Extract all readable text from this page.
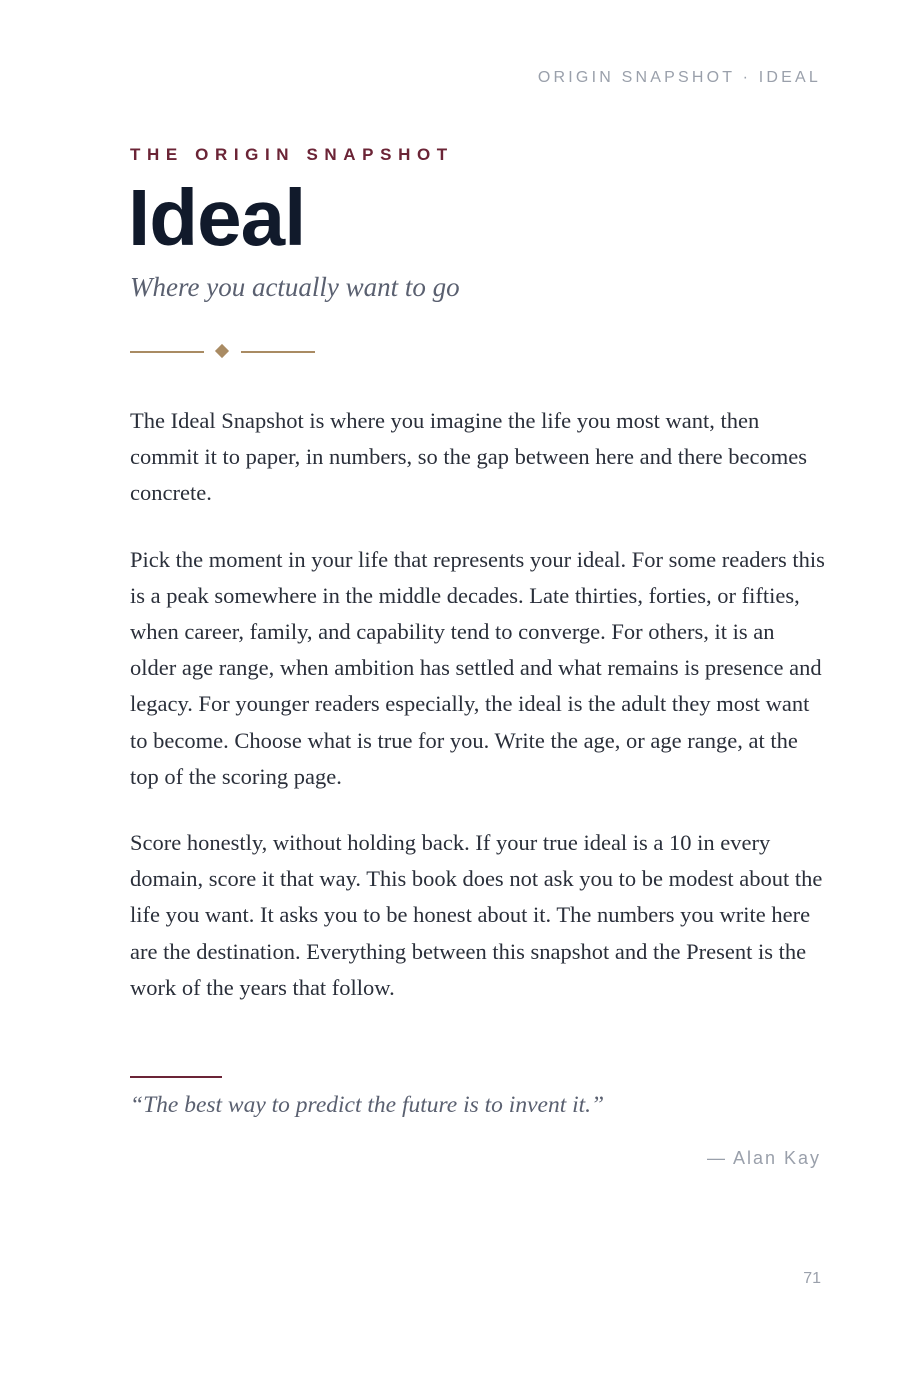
ORIGIN SNAPSHOT · IDEAL
THE ORIGIN SNAPSHOT
Ideal
Where you actually want to go

The Ideal Snapshot is where you imagine the life you most want, then commit it to paper, in numbers, so the gap between here and there becomes concrete.

Pick the moment in your life that represents your ideal. For some readers this is a peak somewhere in the middle decades. Late thirties, forties, or fifties, when career, family, and capability tend to converge. For others, it is an older age range, when ambition has settled and what remains is presence and legacy. For younger readers especially, the ideal is the adult they most want to become. Choose what is true for you. Write the age, or age range, at the top of the scoring page.

Score honestly, without holding back. If your true ideal is a 10 in every domain, score it that way. This book does not ask you to be modest about the life you want. It asks you to be honest about it. The numbers you write here are the destination. Everything between this snapshot and the Present is the work of the years that follow.

“The best way to predict the future is to invent it.”
— Alan Kay
71
